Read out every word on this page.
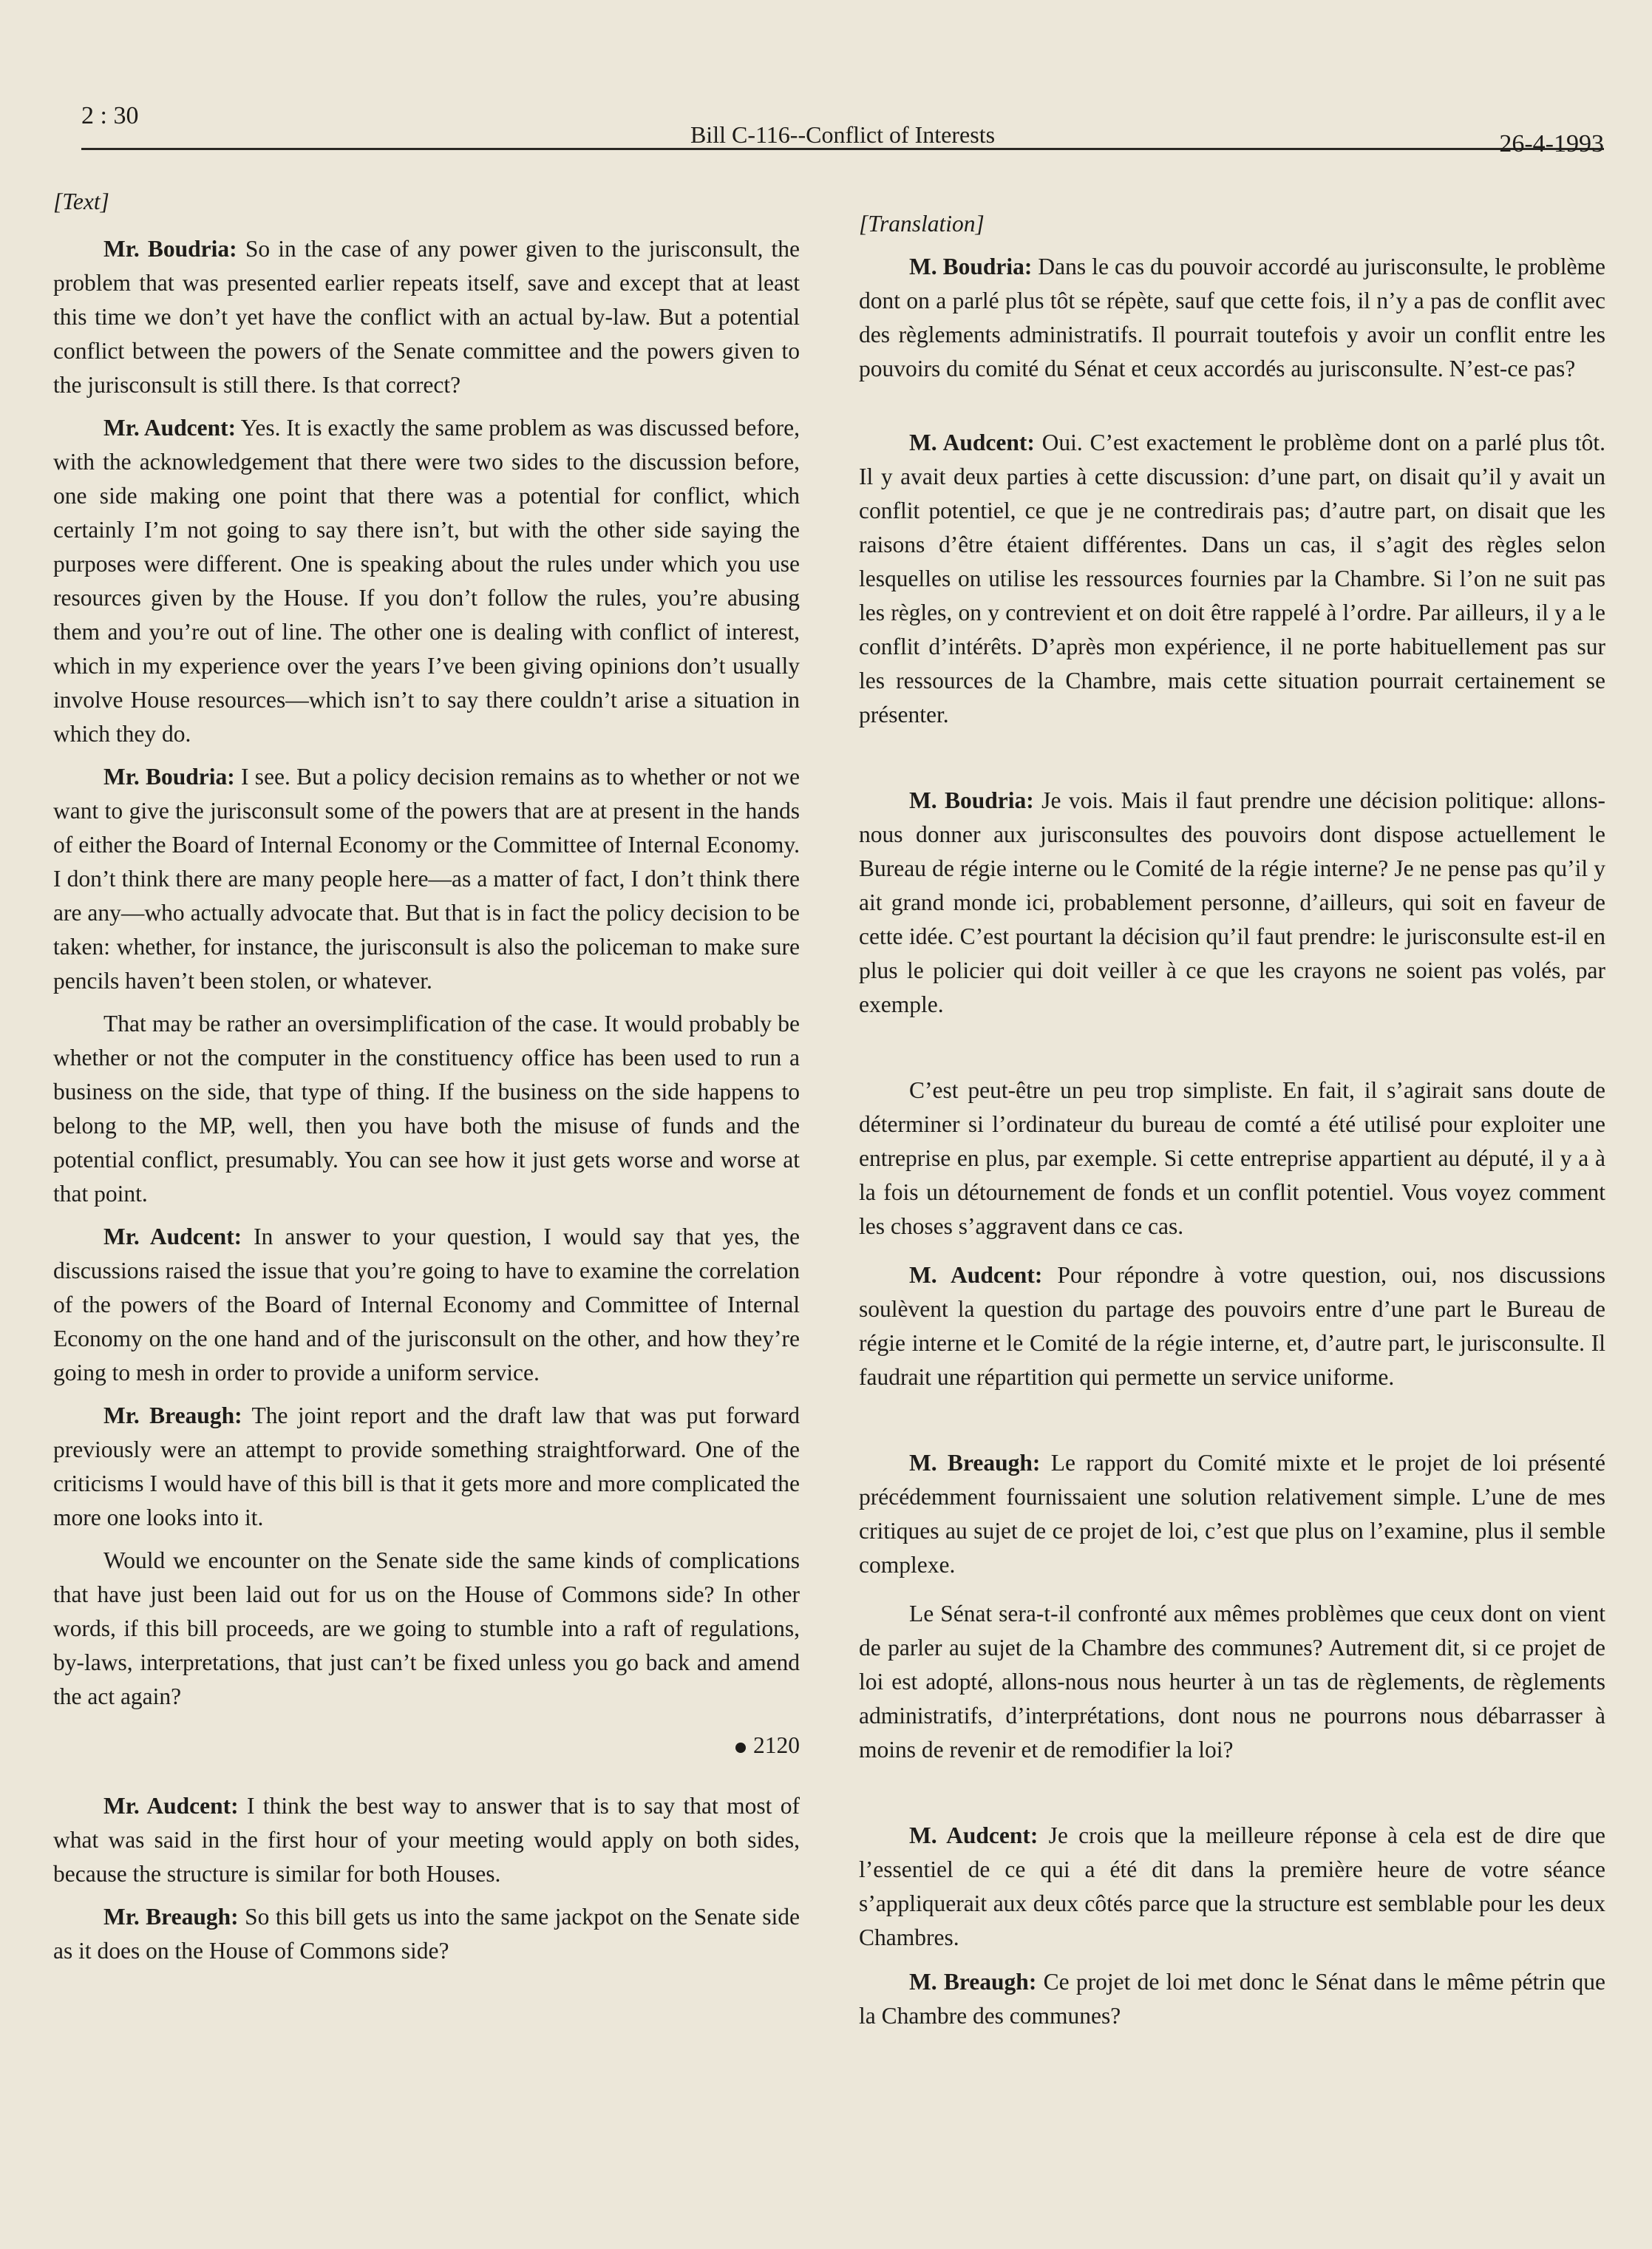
2 : 30
Bill C-116--Conflict of Interests	26-4-1993
[Text]

Mr. Boudria: So in the case of any power given to the jurisconsult, the problem that was presented earlier repeats itself, save and except that at least this time we don’t yet have the conflict with an actual by-law. But a potential conflict between the powers of the Senate committee and the powers given to the jurisconsult is still there. Is that correct?

Mr. Audcent: Yes. It is exactly the same problem as was discussed before, with the acknowledgement that there were two sides to the discussion before, one side making one point that there was a potential for conflict, which certainly I’m not going to say there isn’t, but with the other side saying the purposes were different. One is speaking about the rules under which you use resources given by the House. If you don’t follow the rules, you’re abusing them and you’re out of line. The other one is dealing with conflict of interest, which in my experience over the years I’ve been giving opinions don’t usually involve House resources—which isn’t to say there couldn’t arise a situation in which they do.

Mr. Boudria: I see. But a policy decision remains as to whether or not we want to give the jurisconsult some of the powers that are at present in the hands of either the Board of Internal Economy or the Committee of Internal Economy. I don’t think there are many people here—as a matter of fact, I don’t think there are any—who actually advocate that. But that is in fact the policy decision to be taken: whether, for instance, the jurisconsult is also the policeman to make sure pencils haven’t been stolen, or whatever.

That may be rather an oversimplification of the case. It would probably be whether or not the computer in the constituency office has been used to run a business on the side, that type of thing. If the business on the side happens to belong to the MP, well, then you have both the misuse of funds and the potential conflict, presumably. You can see how it just gets worse and worse at that point.

Mr. Audcent: In answer to your question, I would say that yes, the discussions raised the issue that you’re going to have to examine the correlation of the powers of the Board of Internal Economy and Committee of Internal Economy on the one hand and of the jurisconsult on the other, and how they’re going to mesh in order to provide a uniform service.

Mr. Breaugh: The joint report and the draft law that was put forward previously were an attempt to provide something straightforward. One of the criticisms I would have of this bill is that it gets more and more complicated the more one looks into it.

Would we encounter on the Senate side the same kinds of complications that have just been laid out for us on the House of Commons side? In other words, if this bill proceeds, are we going to stumble into a raft of regulations, by-laws, interpretations, that just can’t be fixed unless you go back and amend the act again?

2120

Mr. Audcent: I think the best way to answer that is to say that most of what was said in the first hour of your meeting would apply on both sides, because the structure is similar for both Houses.

Mr. Breaugh: So this bill gets us into the same jackpot on the Senate side as it does on the House of Commons side?

[Translation]

M. Boudria: Dans le cas du pouvoir accordé au jurisconsulte, le problème dont on a parlé plus tôt se répète, sauf que cette fois, il n’y a pas de conflit avec des règlements administratifs. Il pourrait toutefois y avoir un conflit entre les pouvoirs du comité du Sénat et ceux accordés au jurisconsulte. N’est-ce pas?

M. Audcent: Oui. C’est exactement le problème dont on a parlé plus tôt. Il y avait deux parties à cette discussion: d’une part, on disait qu’il y avait un conflit potentiel, ce que je ne contredirais pas; d’autre part, on disait que les raisons d’être étaient différentes. Dans un cas, il s’agit des règles selon lesquelles on utilise les ressources fournies par la Chambre. Si l’on ne suit pas les règles, on y contrevient et on doit être rappelé à l’ordre. Par ailleurs, il y a le conflit d’intérêts. D’après mon expérience, il ne porte habituellement pas sur les ressources de la Chambre, mais cette situation pourrait certainement se présenter.

M. Boudria: Je vois. Mais il faut prendre une décision politique: allons-nous donner aux jurisconsultes des pouvoirs dont dispose actuellement le Bureau de régie interne ou le Comité de la régie interne? Je ne pense pas qu’il y ait grand monde ici, probablement personne, d’ailleurs, qui soit en faveur de cette idée. C’est pourtant la décision qu’il faut prendre: le jurisconsulte est-il en plus le policier qui doit veiller à ce que les crayons ne soient pas volés, par exemple.

C’est peut-être un peu trop simpliste. En fait, il s’agirait sans doute de déterminer si l’ordinateur du bureau de comté a été utilisé pour exploiter une entreprise en plus, par exemple. Si cette entreprise appartient au député, il y a à la fois un détournement de fonds et un conflit potentiel. Vous voyez comment les choses s’aggravent dans ce cas.

M. Audcent: Pour répondre à votre question, oui, nos discussions soulèvent la question du partage des pouvoirs entre d’une part le Bureau de régie interne et le Comité de la régie interne, et, d’autre part, le jurisconsulte. Il faudrait une répartition qui permette un service uniforme.

M. Breaugh: Le rapport du Comité mixte et le projet de loi présenté précédemment fournissaient une solution relativement simple. L’une de mes critiques au sujet de ce projet de loi, c’est que plus on l’examine, plus il semble complexe.

Le Sénat sera-t-il confronté aux mêmes problèmes que ceux dont on vient de parler au sujet de la Chambre des communes? Autrement dit, si ce projet de loi est adopté, allons-nous nous heurter à un tas de règlements, de règlements administratifs, d’interprétations, dont nous ne pourrons nous débarrasser à moins de revenir et de remodifier la loi?

M. Audcent: Je crois que la meilleure réponse à cela est de dire que l’essentiel de ce qui a été dit dans la première heure de votre séance s’appliquerait aux deux côtés parce que la structure est semblable pour les deux Chambres.

M. Breaugh: Ce projet de loi met donc le Sénat dans le même pétrin que la Chambre des communes?
